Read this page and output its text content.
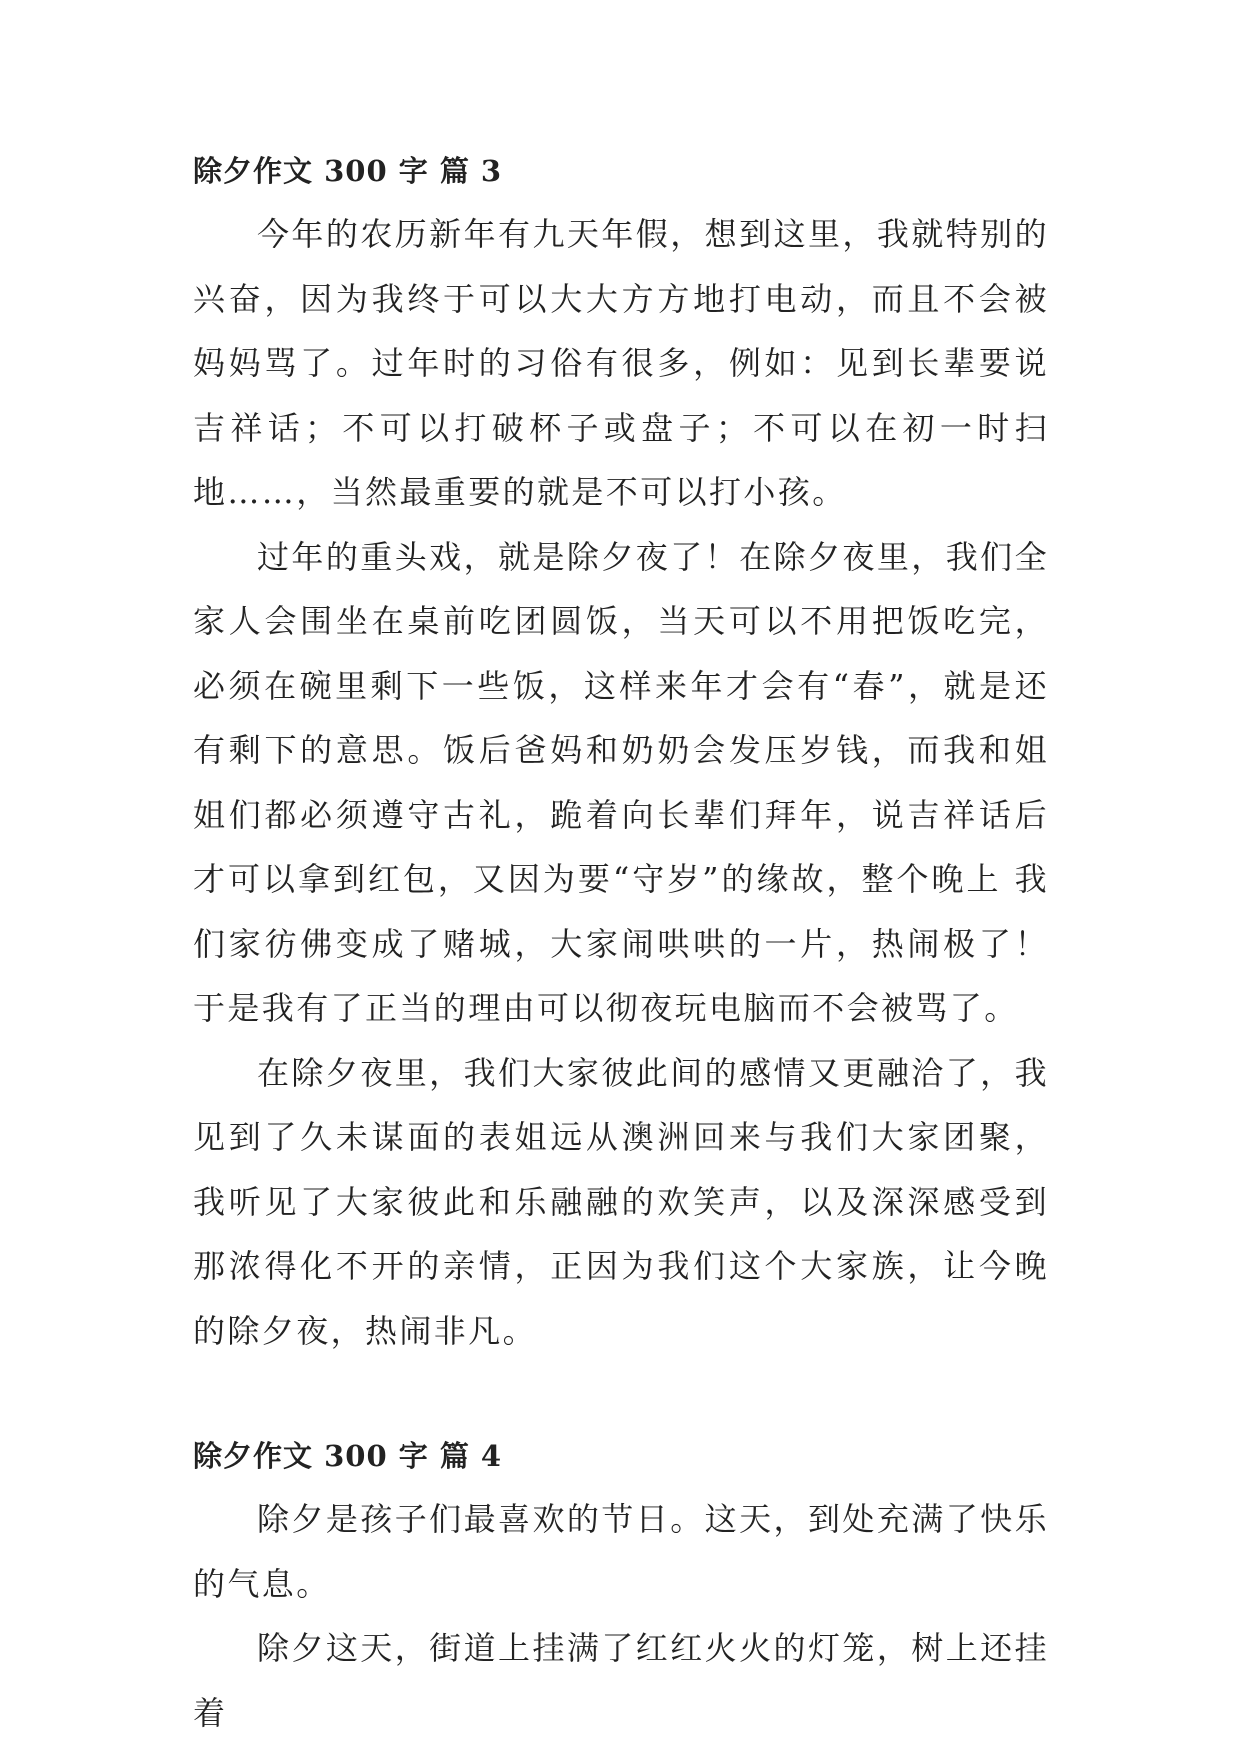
除夕作文 300 字 篇 3

今年的农历新年有九天年假，想到这里，我就特别的兴奋，因为我终于可以大大方方地打电动，而且不会被妈妈骂了。过年时的习俗有很多，例如：见到长辈要说吉祥话；不可以打破杯子或盘子；不可以在初一时扫地……，当然最重要的就是不可以打小孩。

过年的重头戏，就是除夕夜了！在除夕夜里，我们全家人会围坐在桌前吃团圆饭，当天可以不用把饭吃完，必须在碗里剩下一些饭，这样来年才会有“春”，就是还有剩下的意思。饭后爸妈和奶奶会发压岁钱，而我和姐姐们都必须遵守古礼，跪着向长辈们拜年，说吉祥话后才可以拿到红包，又因为要“守岁”的缘故，整个晚上 我们家彷佛变成了赌城，大家闹哄哄的一片，热闹极了！于是我有了正当的理由可以彻夜玩电脑而不会被骂了。

在除夕夜里，我们大家彼此间的感情又更融洽了，我见到了久未谋面的表姐远从澳洲回来与我们大家团聚，我听见了大家彼此和乐融融的欢笑声，以及深深感受到那浓得化不开的亲情，正因为我们这个大家族，让今晚的除夕夜，热闹非凡。

除夕作文 300 字 篇 4

除夕是孩子们最喜欢的节日。这天，到处充满了快乐的气息。

除夕这天，街道上挂满了红红火火的灯笼，树上还挂着
